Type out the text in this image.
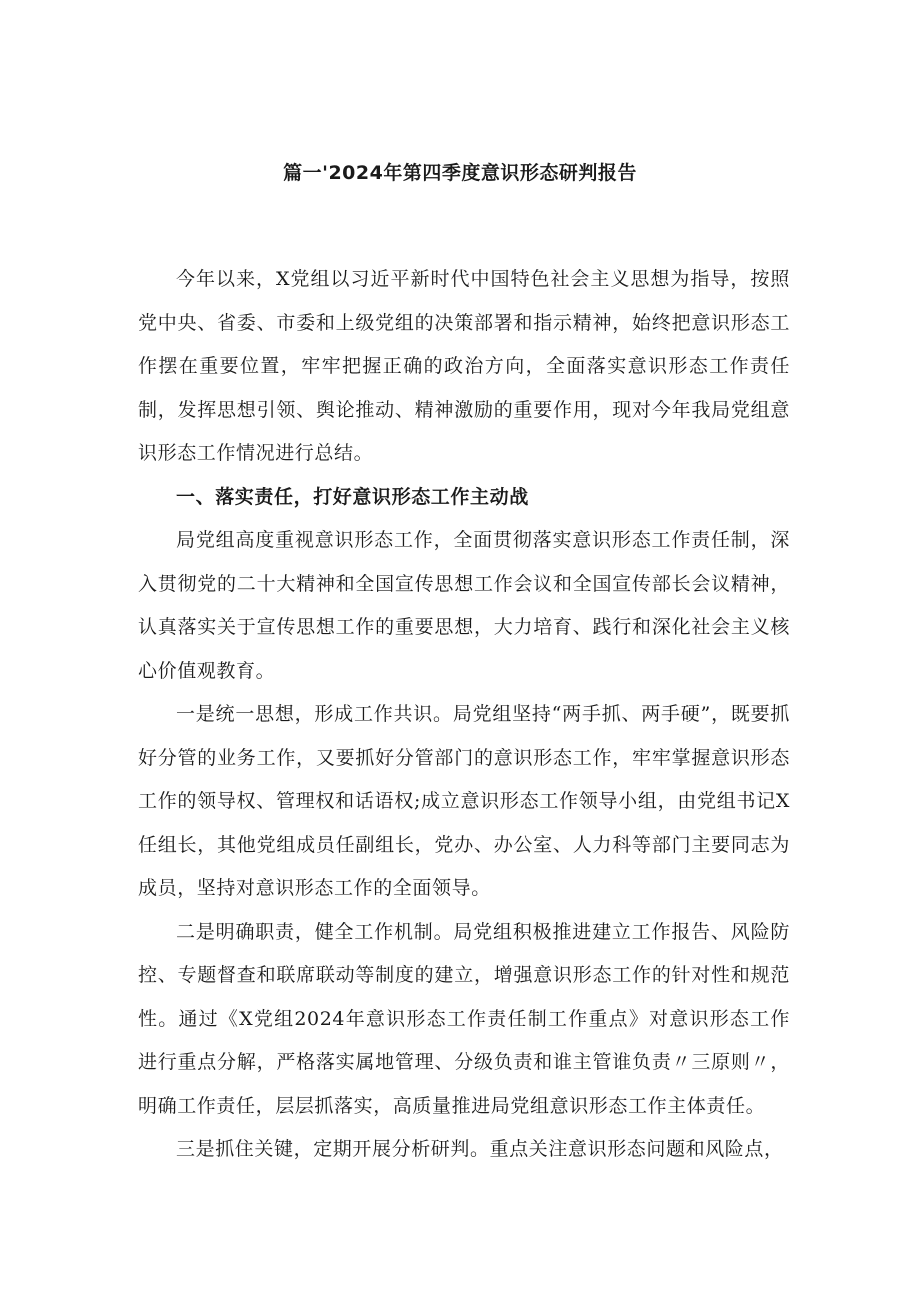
篇一'2024年第四季度意识形态研判报告

今年以来，X党组以习近平新时代中国特色社会主义思想为指导，按照党中央、省委、市委和上级党组的决策部署和指示精神，始终把意识形态工作摆在重要位置，牢牢把握正确的政治方向，全面落实意识形态工作责任制，发挥思想引领、舆论推动、精神激励的重要作用，现对今年我局党组意识形态工作情况进行总结。

一、落实责任，打好意识形态工作主动战

局党组高度重视意识形态工作，全面贯彻落实意识形态工作责任制，深入贯彻党的二十大精神和全国宣传思想工作会议和全国宣传部长会议精神，认真落实关于宣传思想工作的重要思想，大力培育、践行和深化社会主义核心价值观教育。

一是统一思想，形成工作共识。局党组坚持“两手抓、两手硬”，既要抓好分管的业务工作，又要抓好分管部门的意识形态工作，牢牢掌握意识形态工作的领导权、管理权和话语权;成立意识形态工作领导小组，由党组书记X任组长，其他党组成员任副组长，党办、办公室、人力科等部门主要同志为成员，坚持对意识形态工作的全面领导。

二是明确职责，健全工作机制。局党组积极推进建立工作报告、风险防控、专题督查和联席联动等制度的建立，增强意识形态工作的针对性和规范性。通过《X党组2024年意识形态工作责任制工作重点》对意识形态工作进行重点分解，严格落实属地管理、分级负责和谁主管谁负责〃三原则〃，明确工作责任，层层抓落实，高质量推进局党组意识形态工作主体责任。

三是抓住关键，定期开展分析研判。重点关注意识形态问题和风险点，
